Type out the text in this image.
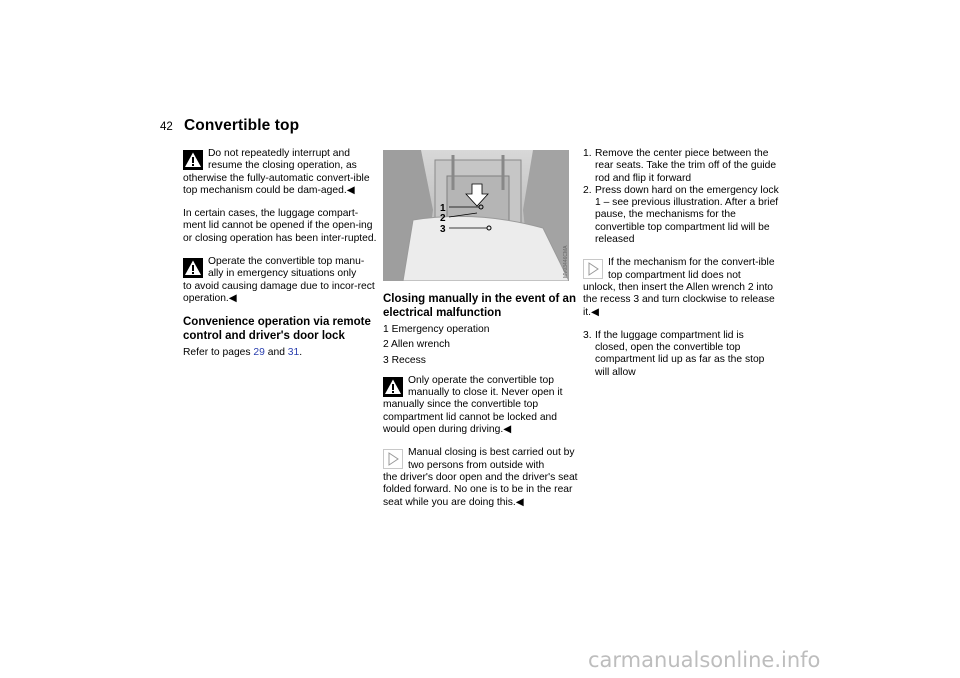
42 Convertible top
Do not repeatedly interrupt and resume the closing operation, as
otherwise the fully-automatic convert-ible top mechanism could be dam-aged.◀

In certain cases, the luggage compart-ment lid cannot be opened if the open-ing or closing operation has been inter-rupted.

Operate the convertible top manu-ally in emergency situations only
to avoid causing damage due to incor-rect operation.◀
Convenience operation via remote control and driver's door lock

Refer to pages 29 and 31.

1
2
3
MV03446CMA
Closing manually in the event of an electrical malfunction
1 Emergency operation
2 Allen wrench
3 Recess
Only operate the convertible top manually to close it. Never open it
manually since the convertible top compartment lid cannot be locked and would open during driving.◀
Manual closing is best carried out by two persons from outside with
the driver's door open and the driver's seat folded forward. No one is to be in the rear seat while you are doing this.◀
1. Remove the center piece between the rear seats. Take the trim off of the guide rod and flip it forward
2. Press down hard on the emergency lock 1 – see previous illustration. After a brief pause, the mechanisms for the convertible top compartment lid will be released
If the mechanism for the convert-ible top compartment lid does not
unlock, then insert the Allen wrench 2 into the recess 3 and turn clockwise to release it.◀
3. If the luggage compartment lid is closed, open the convertible top compartment lid up as far as the stop will allow
carmanualsonline.info
